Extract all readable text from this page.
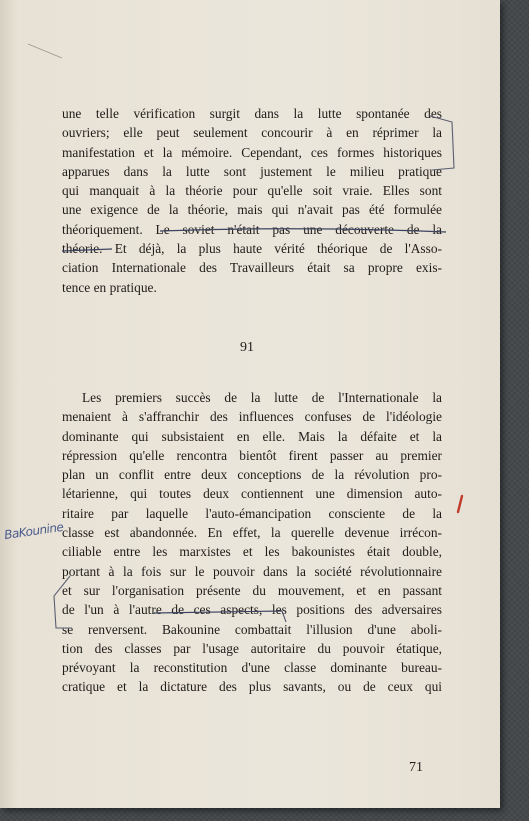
une telle vérification surgit dans la lutte spontanée des
ouvriers; elle peut seulement concourir à en réprimer la
manifestation et la mémoire. Cependant, ces formes historiques
apparues dans la lutte sont justement le milieu pratique
qui manquait à la théorie pour qu'elle soit vraie. Elles sont
une exigence de la théorie, mais qui n'avait pas été formulée
théoriquement. Le soviet n'était pas une découverte de la
théorie. Et déjà, la plus haute vérité théorique de l'Asso-
ciation Internationale des Travailleurs était sa propre exis-
tence en pratique.
91
Les premiers succès de la lutte de l'Internationale la
menaient à s'affranchir des influences confuses de l'idéologie
dominante qui subsistaient en elle. Mais la défaite et la
répression qu'elle rencontra bientôt firent passer au premier
plan un conflit entre deux conceptions de la révolution pro-
létarienne, qui toutes deux contiennent une dimension auto-
ritaire par laquelle l'auto-émancipation consciente de la
classe est abandonnée. En effet, la querelle devenue irrécon-
ciliable entre les marxistes et les bakounistes était double,
portant à la fois sur le pouvoir dans la société révolutionnaire
et sur l'organisation présente du mouvement, et en passant
de l'un à l'autre de ces aspects, les positions des adversaires
se renversent. Bakounine combattait l'illusion d'une aboli-
tion des classes par l'usage autoritaire du pouvoir étatique,
prévoyant la reconstitution d'une classe dominante bureau-
cratique et la dictature des plus savants, ou de ceux qui
71
BaKounine
